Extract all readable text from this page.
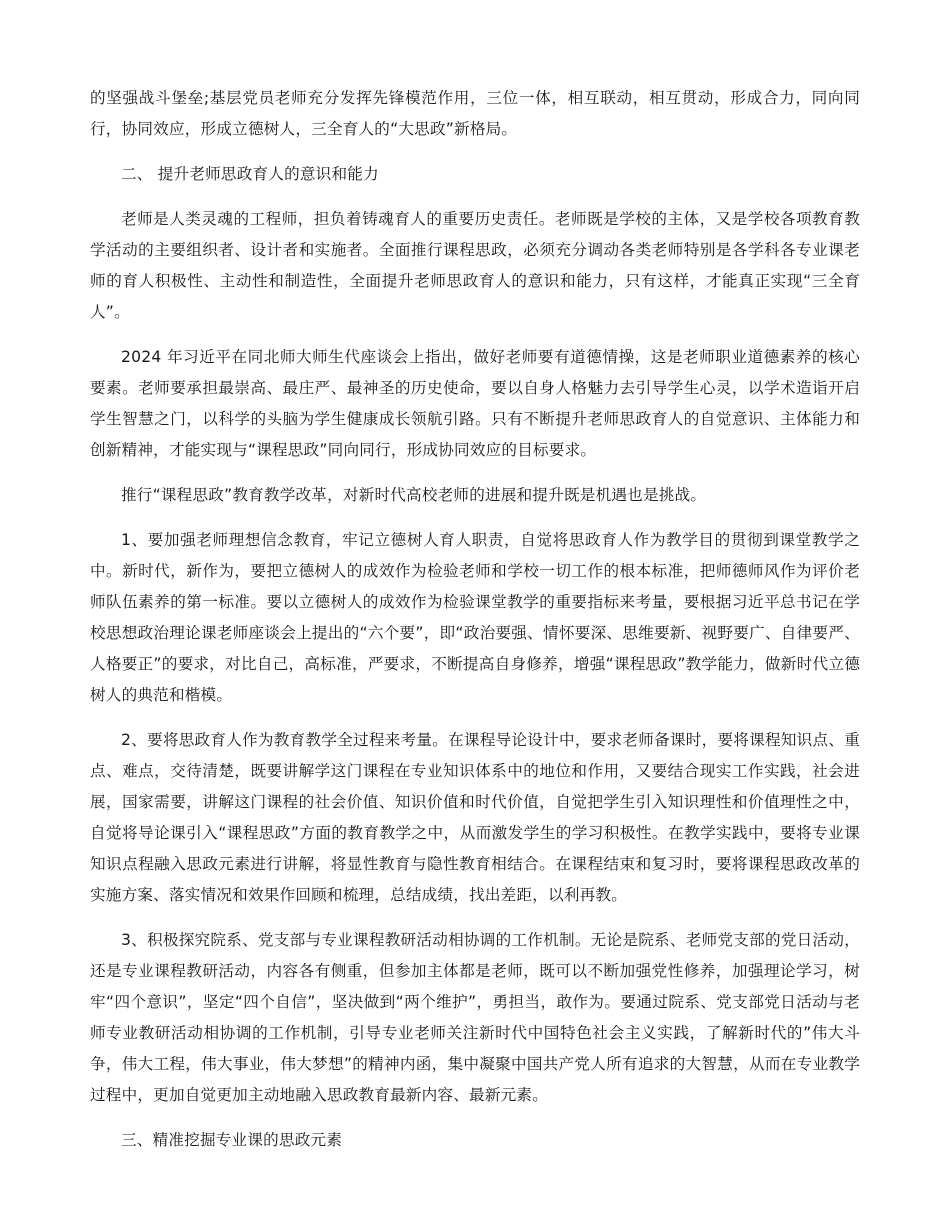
的坚强战斗堡垒;基层党员老师充分发挥先锋模范作用，三位一体，相互联动，相互贯动，形成合力，同向同行，协同效应，形成立德树人，三全育人的“大思政”新格局。

二、 提升老师思政育人的意识和能力

老师是人类灵魂的工程师，担负着铸魂育人的重要历史责任。老师既是学校的主体，又是学校各项教育教学活动的主要组织者、设计者和实施者。全面推行课程思政，必须充分调动各类老师特别是各学科各专业课老师的育人积极性、主动性和制造性，全面提升老师思政育人的意识和能力，只有这样，才能真正实现“三全育人”。

2024 年习近平在同北师大师生代座谈会上指出，做好老师要有道德情操，这是老师职业道德素养的核心要素。老师要承担最崇高、最庄严、最神圣的历史使命，要以自身人格魅力去引导学生心灵，以学术造诣开启学生智慧之门，以科学的头脑为学生健康成长领航引路。只有不断提升老师思政育人的自觉意识、主体能力和创新精神，才能实现与“课程思政”同向同行，形成协同效应的目标要求。

推行“课程思政”教育教学改革，对新时代高校老师的进展和提升既是机遇也是挑战。

1、要加强老师理想信念教育，牢记立德树人育人职责，自觉将思政育人作为教学目的贯彻到课堂教学之中。新时代，新作为，要把立德树人的成效作为检验老师和学校一切工作的根本标准，把师德师风作为评价老师队伍素养的第一标准。要以立德树人的成效作为检验课堂教学的重要指标来考量，要根据习近平总书记在学校思想政治理论课老师座谈会上提出的“六个要”，即“政治要强、情怀要深、思维要新、视野要广、自律要严、人格要正”的要求，对比自己，高标准，严要求，不断提高自身修养，增强“课程思政”教学能力，做新时代立德树人的典范和楷模。

2、要将思政育人作为教育教学全过程来考量。在课程导论设计中，要求老师备课时，要将课程知识点、重点、难点，交待清楚，既要讲解学这门课程在专业知识体系中的地位和作用，又要结合现实工作实践，社会进展，国家需要，讲解这门课程的社会价值、知识价值和时代价值，自觉把学生引入知识理性和价值理性之中，自觉将导论课引入“课程思政”方面的教育教学之中，从而激发学生的学习积极性。在教学实践中，要将专业课知识点程融入思政元素进行讲解，将显性教育与隐性教育相结合。在课程结束和复习时，要将课程思政改革的实施方案、落实情况和效果作回顾和梳理，总结成绩，找出差距，以利再教。

3、积极探究院系、党支部与专业课程教研活动相协调的工作机制。无论是院系、老师党支部的党日活动，还是专业课程教研活动，内容各有侧重，但参加主体都是老师，既可以不断加强党性修养，加强理论学习，树牢“四个意识”，坚定“四个自信”，坚决做到“两个维护”，勇担当，敢作为。要通过院系、党支部党日活动与老师专业教研活动相协调的工作机制，引导专业老师关注新时代中国特色社会主义实践，了解新时代的”伟大斗争，伟大工程，伟大事业，伟大梦想”的精神内函，集中凝聚中国共产党人所有追求的大智慧，从而在专业教学过程中，更加自觉更加主动地融入思政教育最新内容、最新元素。

三、精准挖掘专业课的思政元素
